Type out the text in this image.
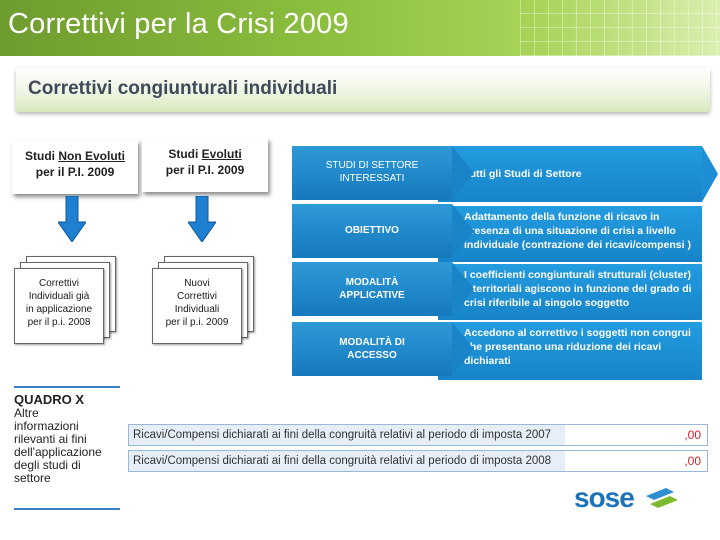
Correttivi per la Crisi 2009
Correttivi congiunturali individuali
Studi Non Evoluti
per il P.I. 2009
Studi Evoluti
per il P.I. 2009
Correttivi
Individuali già
in applicazione
per il p.i. 2008
Nuovi
Correttivi
Individuali
per il p.i. 2009
Tutti gli Studi di Settore
STUDI DI SETTORE INTERESSATI
Adattamento della funzione di ricavo in presenza di una situazione di crisi a livello individuale (contrazione dei ricavi/compensi )
OBIETTIVO
I coefficienti congiunturali strutturali (cluster) e territoriali agiscono in funzione del grado di crisi riferibile al singolo soggetto
MODALITÀ APPLICATIVE
Accedono al correttivo i soggetti non congrui che presentano una riduzione dei ricavi dichiarati
MODALITÀ DI ACCESSO
QUADRO X
Altre
informazioni
rilevanti ai fini
dell'applicazione
degli studi di
settore
Ricavi/Compensi dichiarati ai fini della congruità relativi al periodo di imposta 2007	,00
Ricavi/Compensi dichiarati ai fini della congruità relativi al periodo di imposta 2008	,00
sose
